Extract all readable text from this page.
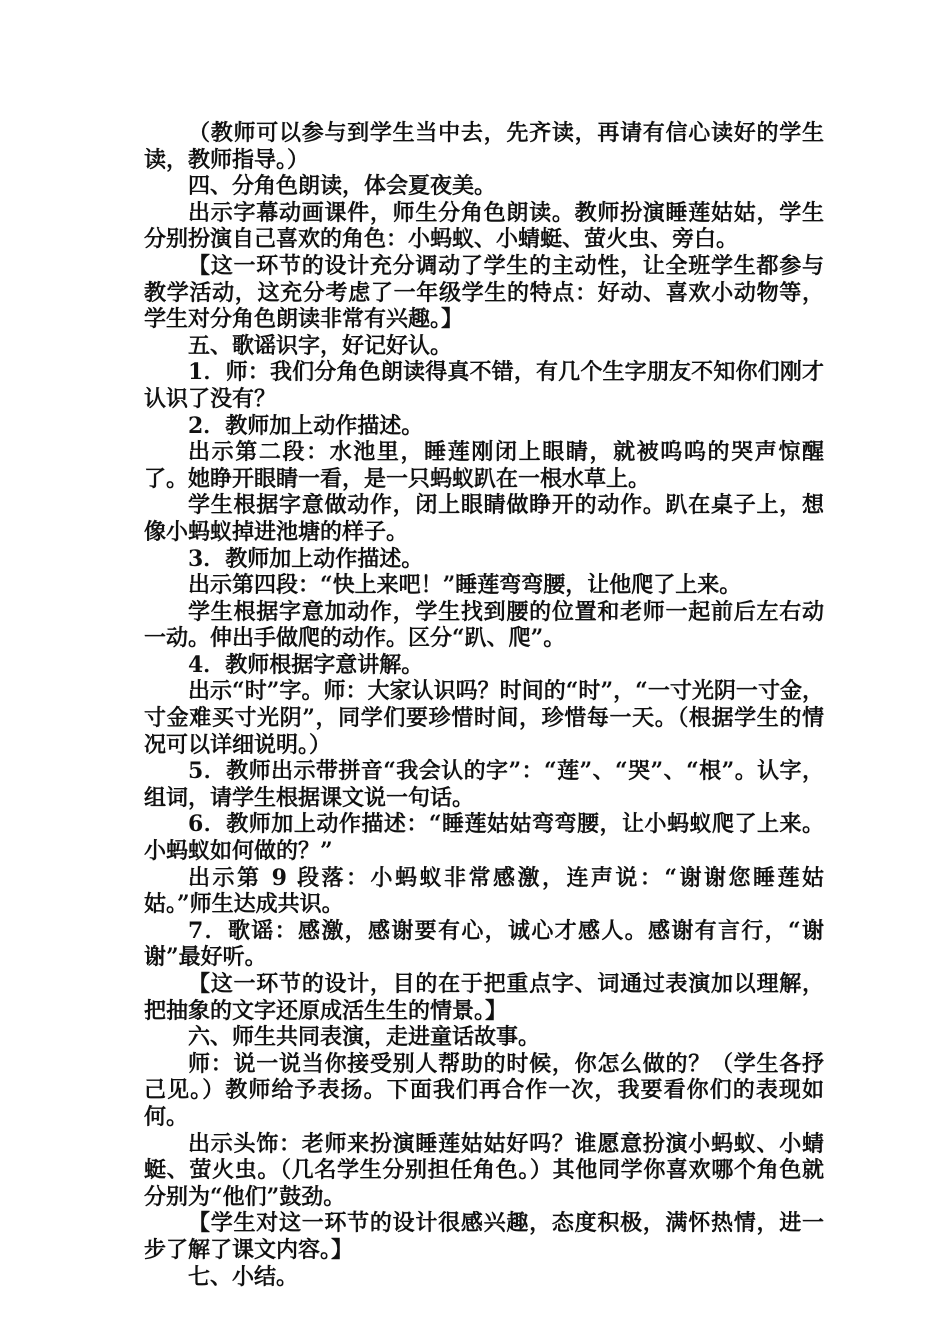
（教师可以参与到学生当中去，先齐读，再请有信心读好的学生读，教师指导。）

四、分角色朗读，体会夏夜美。

出示字幕动画课件，师生分角色朗读。教师扮演睡莲姑姑，学生分别扮演自己喜欢的角色：小蚂蚁、小蜻蜓、萤火虫、旁白。

【这一环节的设计充分调动了学生的主动性，让全班学生都参与教学活动，这充分考虑了一年级学生的特点：好动、喜欢小动物等，学生对分角色朗读非常有兴趣。】

五、歌谣识字，好记好认。

1．师：我们分角色朗读得真不错，有几个生字朋友不知你们刚才认识了没有？

2．教师加上动作描述。

出示第二段：水池里，睡莲刚闭上眼睛，就被呜呜的哭声惊醒了。她睁开眼睛一看，是一只蚂蚁趴在一根水草上。

学生根据字意做动作，闭上眼睛做睁开的动作。趴在桌子上，想像小蚂蚁掉进池塘的样子。

3．教师加上动作描述。

出示第四段：“快上来吧！”睡莲弯弯腰，让他爬了上来。

学生根据字意加动作，学生找到腰的位置和老师一起前后左右动一动。伸出手做爬的动作。区分“趴、爬”。

4．教师根据字意讲解。

出示“时”字。师：大家认识吗？时间的“时”，“一寸光阴一寸金，寸金难买寸光阴”，同学们要珍惜时间，珍惜每一天。（根据学生的情况可以详细说明。）

5．教师出示带拼音“我会认的字”：“莲”、“哭”、“根”。认字，组词，请学生根据课文说一句话。

6．教师加上动作描述：“睡莲姑姑弯弯腰，让小蚂蚁爬了上来。小蚂蚁如何做的？”

出示第 9 段落：小蚂蚁非常感激，连声说：“谢谢您睡莲姑姑。”师生达成共识。

7．歌谣：感激，感谢要有心，诚心才感人。感谢有言行，“谢谢”最好听。

【这一环节的设计，目的在于把重点字、词通过表演加以理解，把抽象的文字还原成活生生的情景。】

六、师生共同表演，走进童话故事。

师：说一说当你接受别人帮助的时候，你怎么做的？（学生各抒己见。）教师给予表扬。下面我们再合作一次，我要看你们的表现如何。

出示头饰：老师来扮演睡莲姑姑好吗？谁愿意扮演小蚂蚁、小蜻蜓、萤火虫。（几名学生分别担任角色。）其他同学你喜欢哪个角色就分别为“他们”鼓劲。

【学生对这一环节的设计很感兴趣，态度积极，满怀热情，进一步了解了课文内容。】

七、小结。
